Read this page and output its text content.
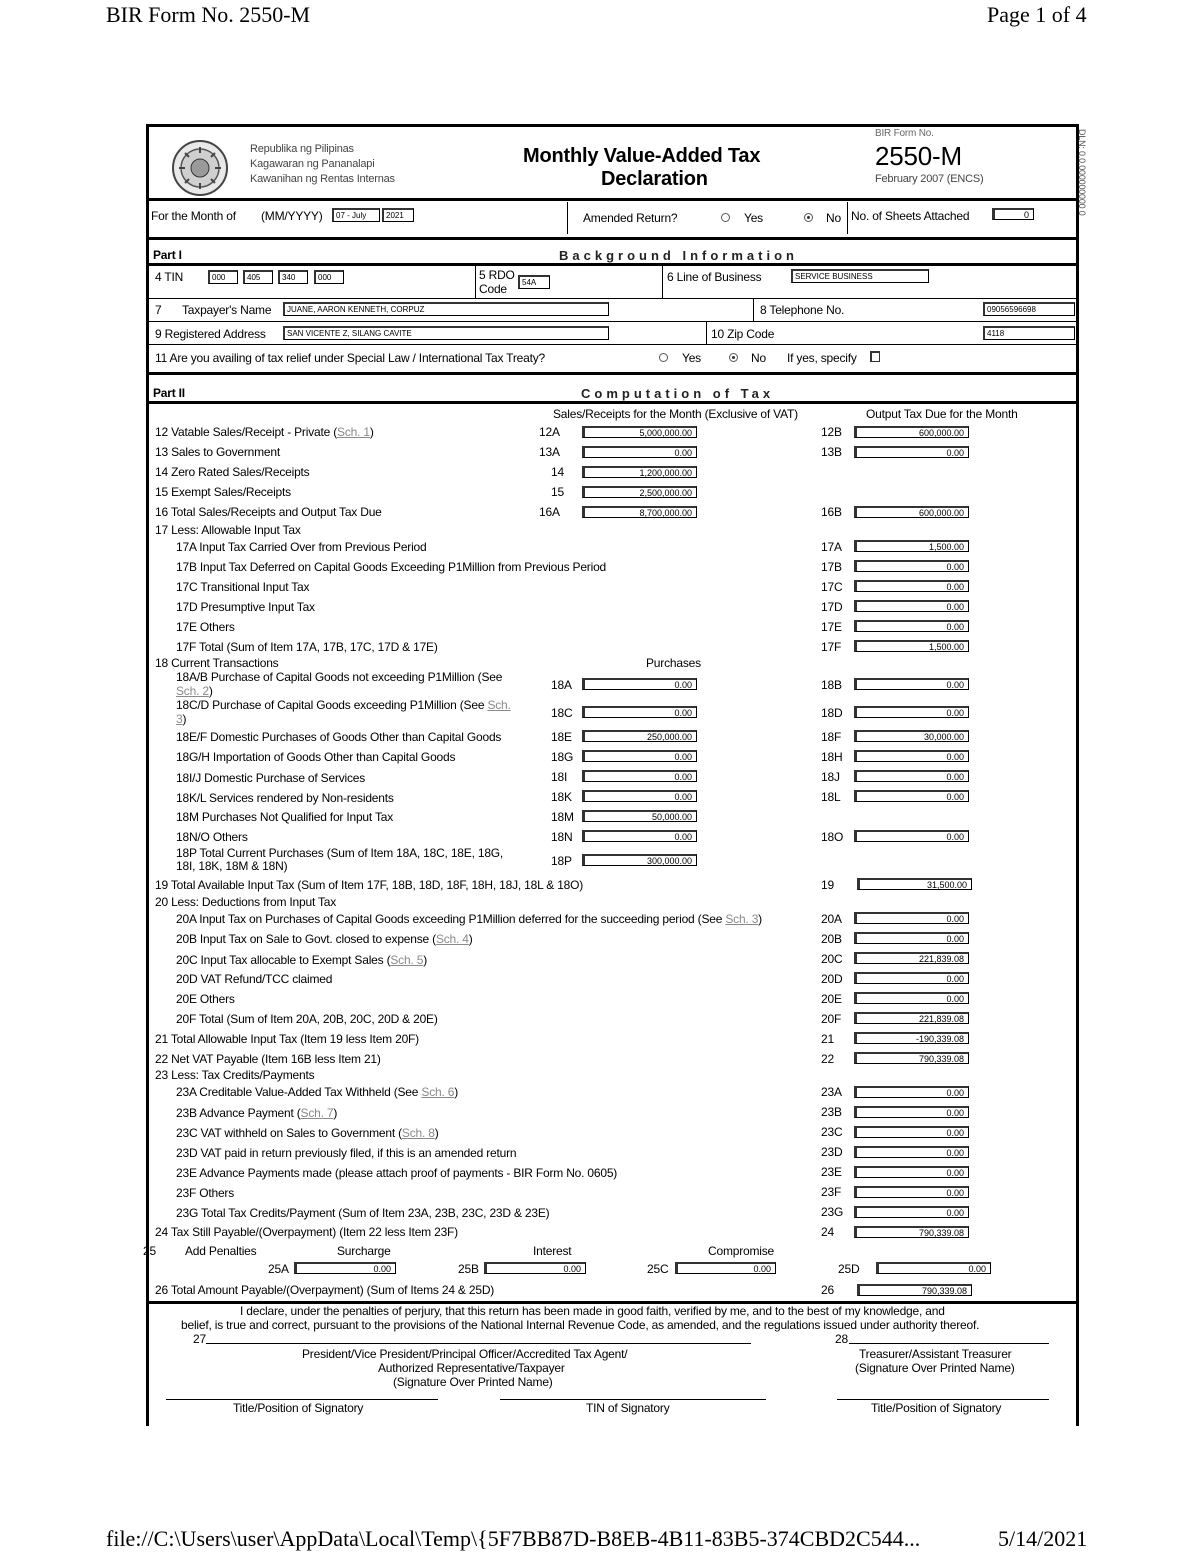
BIR Form No. 2550-M	Page 1 of 4
file://C:\Users\user\AppData\Local\Temp\{5F7BB87D-B8EB-4B11-83B5-374CBD2C544...	5/14/2021
Republika ng Pilipinas
Kagawaran ng Pananalapi
Kawanihan ng Rentas Internas
Monthly Value-Added Tax
Declaration
BIR Form No.
2550-M
February 2007 (ENCS)	DLN: 0.0.000000000 0
For the Month of (MM/YYYY)	07 - July	2021	Amended Return?	Yes	No No. of Sheets Attached	0
Part I	Background Information
4 TIN	000	405	340	000	5 RDO
Code	54A	6 Line of Business	SERVICE BUSINESS
7 Taxpayer's Name	JUANE, AARON KENNETH, CORPUZ	8 Telephone No.	09056596698
9 Registered Address	SAN VICENTE Z, SILANG CAVITE	10 Zip Code	4118
11 Are you availing of tax relief under Special Law / International Tax Treaty?	Yes	No If yes, specify
Part II	Computation of Tax
Sales/Receipts for the Month (Exclusive of VAT)	Output Tax Due for the Month
12 Vatable Sales/Receipt - Private (Sch. 1)	12A	5,000,000.00	12B	600,000.00
13 Sales to Government	13A	0.00	13B	0.00
14 Zero Rated Sales/Receipts	14	1,200,000.00
15 Exempt Sales/Receipts	15	2,500,000.00
16 Total Sales/Receipts and Output Tax Due	16A	8,700,000.00	16B	600,000.00
17 Less: Allowable Input Tax
17A Input Tax Carried Over from Previous Period	17A	1,500.00
17B Input Tax Deferred on Capital Goods Exceeding P1Million from Previous Period	17B	0.00
17C Transitional Input Tax	17C	0.00
17D Presumptive Input Tax	17D	0.00
17E Others	17E	0.00
17F Total (Sum of Item 17A, 17B, 17C, 17D & 17E)	17F	1,500.00
18 Current Transactions	Purchases
18A/B Purchase of Capital Goods not exceeding P1Million (See
Sch. 2)	18A	0.00	18B	0.00
18C/D Purchase of Capital Goods exceeding P1Million (See Sch.
3)	18C	0.00	18D	0.00
18E/F Domestic Purchases of Goods Other than Capital Goods	18E	250,000.00	18F	30,000.00
18G/H Importation of Goods Other than Capital Goods	18G	0.00	18H	0.00
18I/J Domestic Purchase of Services	18I	0.00	18J	0.00
18K/L Services rendered by Non-residents	18K	0.00	18L	0.00
18M Purchases Not Qualified for Input Tax	18M	50,000.00
18N/O Others	18N	0.00	18O	0.00
18P Total Current Purchases (Sum of Item 18A, 18C, 18E, 18G,
18I, 18K, 18M & 18N)	18P	300,000.00
19 Total Available Input Tax (Sum of Item 17F, 18B, 18D, 18F, 18H, 18J, 18L & 18O)	19	31,500.00
20 Less: Deductions from Input Tax
20A Input Tax on Purchases of Capital Goods exceeding P1Million deferred for the succeeding period (See Sch. 3)	20A	0.00
20B Input Tax on Sale to Govt. closed to expense (Sch. 4)	20B	0.00
20C Input Tax allocable to Exempt Sales (Sch. 5)	20C	221,839.08
20D VAT Refund/TCC claimed	20D	0.00
20E Others	20E	0.00
20F Total (Sum of Item 20A, 20B, 20C, 20D & 20E)	20F	221,839.08
21 Total Allowable Input Tax (Item 19 less Item 20F)	21	-190,339.08
22 Net VAT Payable (Item 16B less Item 21)	22	790,339.08
23 Less: Tax Credits/Payments
23A Creditable Value-Added Tax Withheld (See Sch. 6)	23A	0.00
23B Advance Payment (Sch. 7)	23B	0.00
23C VAT withheld on Sales to Government (Sch. 8)	23C	0.00
23D VAT paid in return previously filed, if this is an amended return	23D	0.00
23E Advance Payments made (please attach proof of payments - BIR Form No. 0605)	23E	0.00
23F Others	23F	0.00
23G Total Tax Credits/Payment (Sum of Item 23A, 23B, 23C, 23D & 23E)	23G	0.00
24 Tax Still Payable/(Overpayment) (Item 22 less Item 23F)	24	790,339.08
25 Add Penalties	Surcharge	Interest	Compromise
25A	0.00	25B	0.00	25C	0.00	25D	0.00
26 Total Amount Payable/(Overpayment) (Sum of Items 24 & 25D)	26	790,339.08
I declare, under the penalties of perjury, that this return has been made in good faith, verified by me, and to the best of my knowledge, and
belief, is true and correct, pursuant to the provisions of the National Internal Revenue Code, as amended, and the regulations issued under authority thereof.
27	28
President/Vice President/Principal Officer/Accredited Tax Agent/
Authorized Representative/Taxpayer
(Signature Over Printed Name)
Treasurer/Assistant Treasurer
(Signature Over Printed Name)
Title/Position of Signatory	TIN of Signatory	Title/Position of Signatory
